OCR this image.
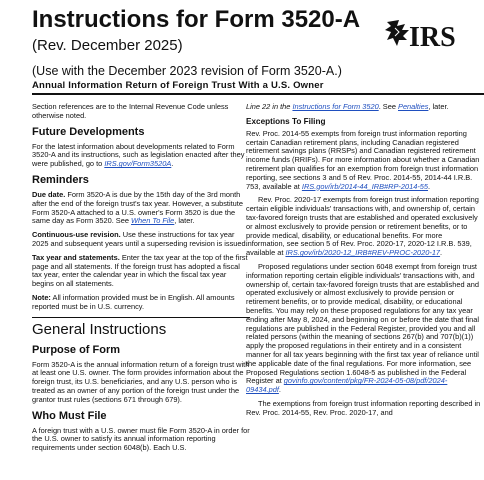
Instructions for Form 3520-A
(Rev. December 2025)
(Use with the December 2023 revision of Form 3520-A.)
Annual Information Return of Foreign Trust With a U.S. Owner
IRS

Section references are to the Internal Revenue Code unless otherwise noted.

Future Developments

For the latest information about developments related to Form 3520-A and its instructions, such as legislation enacted after they were published, go to IRS.gov/Form3520A.

Reminders

Due date. Form 3520-A is due by the 15th day of the 3rd month after the end of the foreign trust's tax year. However, a substitute Form 3520-A attached to a U.S. owner's Form 3520 is due the same day as Form 3520. See When To File, later.

Continuous-use revision. Use these instructions for tax year 2025 and subsequent years until a superseding revision is issued.

Tax year and statements. Enter the tax year at the top of the first page and all statements. If the foreign trust has adopted a fiscal tax year, enter the calendar year in which the fiscal tax year begins on all statements.

Note: All information provided must be in English. All amounts reported must be in U.S. currency.

General Instructions
Purpose of Form

Form 3520-A is the annual information return of a foreign trust with at least one U.S. owner. The form provides information about the foreign trust, its U.S. beneficiaries, and any U.S. person who is treated as an owner of any portion of the foreign trust under the grantor trust rules (sections 671 through 679).

Who Must File

A foreign trust with a U.S. owner must file Form 3520-A in order for the U.S. owner to satisfy its annual information reporting requirements under section 6048(b). Each U.S.

Line 22 in the Instructions for Form 3520. See Penalties, later.

Exceptions To Filing

Rev. Proc. 2014-55 exempts from foreign trust information reporting certain Canadian retirement plans, including Canadian registered retirement savings plans (RRSPs) and Canadian registered retirement income funds (RRIFs). For more information about whether a Canadian retirement plan qualifies for an exemption from foreign trust information reporting, see sections 3 and 5 of Rev. Proc. 2014-55, 2014-44 I.R.B. 753, available at IRS.gov/irb/2014-44_IRB#RP-2014-55.

Rev. Proc. 2020-17 exempts from foreign trust information reporting certain eligible individuals' transactions with, and ownership of, certain tax-favored foreign trusts that are established and operated exclusively or almost exclusively to provide pension or retirement benefits, or to provide medical, disability, or educational benefits. For more information, see section 5 of Rev. Proc. 2020-17, 2020-12 I.R.B. 539, available at IRS.gov/irb/2020-12_IRB#REV-PROC-2020-17.

Proposed regulations under section 6048 exempt from foreign trust information reporting certain eligible individuals' transactions with, and ownership of, certain tax-favored foreign trusts that are established and operated exclusively or almost exclusively to provide pension or retirement benefits, or to provide medical, disability, or educational benefits. You may rely on these proposed regulations for any tax year ending after May 8, 2024, and beginning on or before the date that final regulations are published in the Federal Register, provided you and all related persons (within the meaning of sections 267(b) and 707(b)(1)) apply the proposed regulations in their entirety and in a consistent manner for all tax years beginning with the first tax year of reliance until the applicable date of the final regulations. For more information, see Proposed Regulations section 1.6048-5 as published in the Federal Register at govinfo.gov/content/pkg/FR-2024-05-08/pdf/2024-09434.pdf.

The exemptions from foreign trust information reporting described in Rev. Proc. 2014-55, Rev. Proc. 2020-17, and
